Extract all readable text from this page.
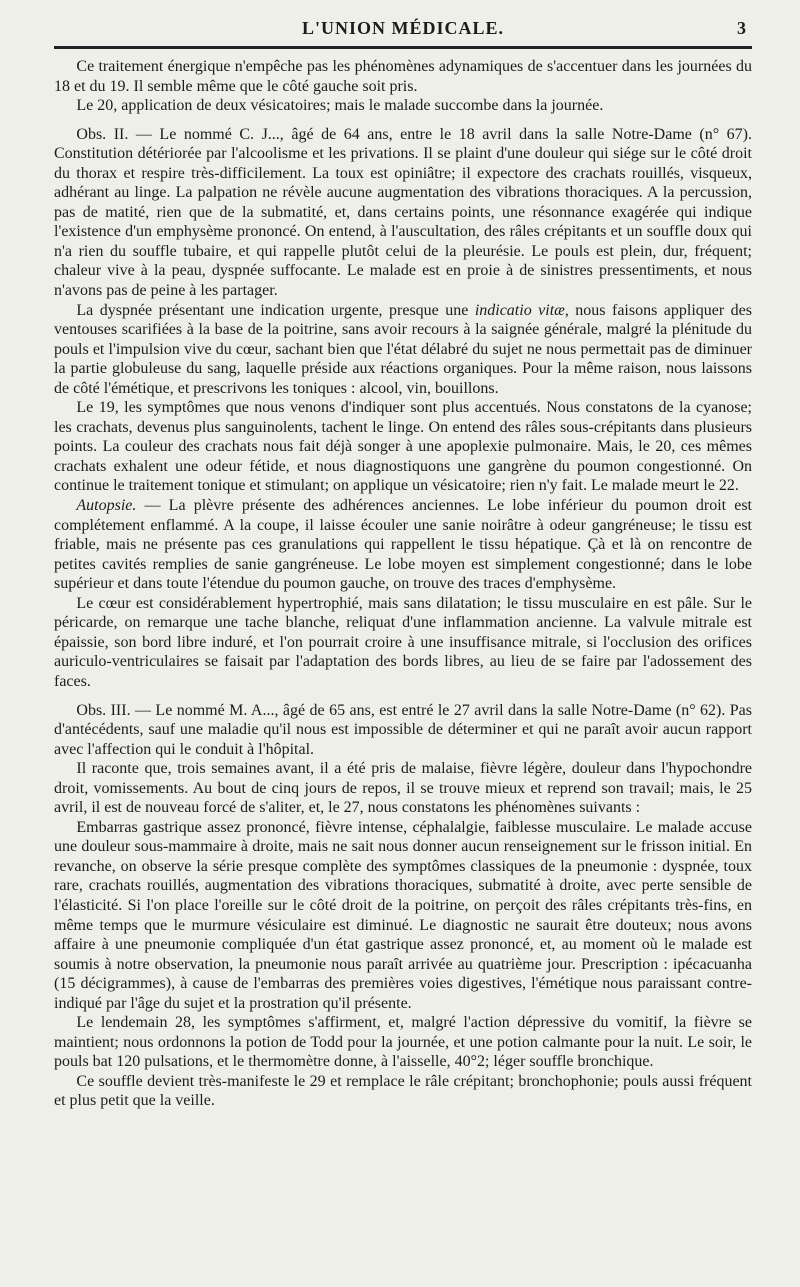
L'UNION MÉDICALE.	3

Ce traitement énergique n'empêche pas les phénomènes adynamiques de s'accentuer dans les journées du 18 et du 19. Il semble même que le côté gauche soit pris.

Le 20, application de deux vésicatoires; mais le malade succombe dans la journée.

Obs. II. — Le nommé C. J..., âgé de 64 ans, entre le 18 avril dans la salle Notre-Dame (n° 67). Constitution détériorée par l'alcoolisme et les privations. Il se plaint d'une douleur qui siége sur le côté droit du thorax et respire très-difficilement. La toux est opiniâtre; il expectore des crachats rouillés, visqueux, adhérant au linge. La palpation ne révèle aucune augmentation des vibrations thoraciques. A la percussion, pas de matité, rien que de la submatité, et, dans certains points, une résonnance exagérée qui indique l'existence d'un emphysème prononcé. On entend, à l'auscultation, des râles crépitants et un souffle doux qui n'a rien du souffle tubaire, et qui rappelle plutôt celui de la pleurésie. Le pouls est plein, dur, fréquent; chaleur vive à la peau, dyspnée suffocante. Le malade est en proie à de sinistres pressentiments, et nous n'avons pas de peine à les partager.

La dyspnée présentant une indication urgente, presque une indicatio vitæ, nous faisons appliquer des ventouses scarifiées à la base de la poitrine, sans avoir recours à la saignée générale, malgré la plénitude du pouls et l'impulsion vive du cœur, sachant bien que l'état délabré du sujet ne nous permettait pas de diminuer la partie globuleuse du sang, laquelle préside aux réactions organiques. Pour la même raison, nous laissons de côté l'émétique, et prescrivons les toniques : alcool, vin, bouillons.

Le 19, les symptômes que nous venons d'indiquer sont plus accentués. Nous constatons de la cyanose; les crachats, devenus plus sanguinolents, tachent le linge. On entend des râles sous-crépitants dans plusieurs points. La couleur des crachats nous fait déjà songer à une apoplexie pulmonaire. Mais, le 20, ces mêmes crachats exhalent une odeur fétide, et nous diagnostiquons une gangrène du poumon congestionné. On continue le traitement tonique et stimulant; on applique un vésicatoire; rien n'y fait. Le malade meurt le 22.

Autopsie. — La plèvre présente des adhérences anciennes. Le lobe inférieur du poumon droit est complétement enflammé. A la coupe, il laisse écouler une sanie noirâtre à odeur gangréneuse; le tissu est friable, mais ne présente pas ces granulations qui rappellent le tissu hépatique. Çà et là on rencontre de petites cavités remplies de sanie gangréneuse. Le lobe moyen est simplement congestionné; dans le lobe supérieur et dans toute l'étendue du poumon gauche, on trouve des traces d'emphysème.

Le cœur est considérablement hypertrophié, mais sans dilatation; le tissu musculaire en est pâle. Sur le péricarde, on remarque une tache blanche, reliquat d'une inflammation ancienne. La valvule mitrale est épaissie, son bord libre induré, et l'on pourrait croire à une insuffisance mitrale, si l'occlusion des orifices auriculo-ventriculaires se faisait par l'adaptation des bords libres, au lieu de se faire par l'adossement des faces.

Obs. III. — Le nommé M. A..., âgé de 65 ans, est entré le 27 avril dans la salle Notre-Dame (n° 62). Pas d'antécédents, sauf une maladie qu'il nous est impossible de déterminer et qui ne paraît avoir aucun rapport avec l'affection qui le conduit à l'hôpital.

Il raconte que, trois semaines avant, il a été pris de malaise, fièvre légère, douleur dans l'hypochondre droit, vomissements. Au bout de cinq jours de repos, il se trouve mieux et reprend son travail; mais, le 25 avril, il est de nouveau forcé de s'aliter, et, le 27, nous constatons les phénomènes suivants :

Embarras gastrique assez prononcé, fièvre intense, céphalalgie, faiblesse musculaire. Le malade accuse une douleur sous-mammaire à droite, mais ne sait nous donner aucun renseignement sur le frisson initial. En revanche, on observe la série presque complète des symptômes classiques de la pneumonie : dyspnée, toux rare, crachats rouillés, augmentation des vibrations thoraciques, submatité à droite, avec perte sensible de l'élasticité. Si l'on place l'oreille sur le côté droit de la poitrine, on perçoit des râles crépitants très-fins, en même temps que le murmure vésiculaire est diminué. Le diagnostic ne saurait être douteux; nous avons affaire à une pneumonie compliquée d'un état gastrique assez prononcé, et, au moment où le malade est soumis à notre observation, la pneumonie nous paraît arrivée au quatrième jour. Prescription : ipécacuanha (15 décigrammes), à cause de l'embarras des premières voies digestives, l'émétique nous paraissant contre-indiqué par l'âge du sujet et la prostration qu'il présente.

Le lendemain 28, les symptômes s'affirment, et, malgré l'action dépressive du vomitif, la fièvre se maintient; nous ordonnons la potion de Todd pour la journée, et une potion calmante pour la nuit. Le soir, le pouls bat 120 pulsations, et le thermomètre donne, à l'aisselle, 40°2; léger souffle bronchique.

Ce souffle devient très-manifeste le 29 et remplace le râle crépitant; bronchophonie; pouls aussi fréquent et plus petit que la veille.
